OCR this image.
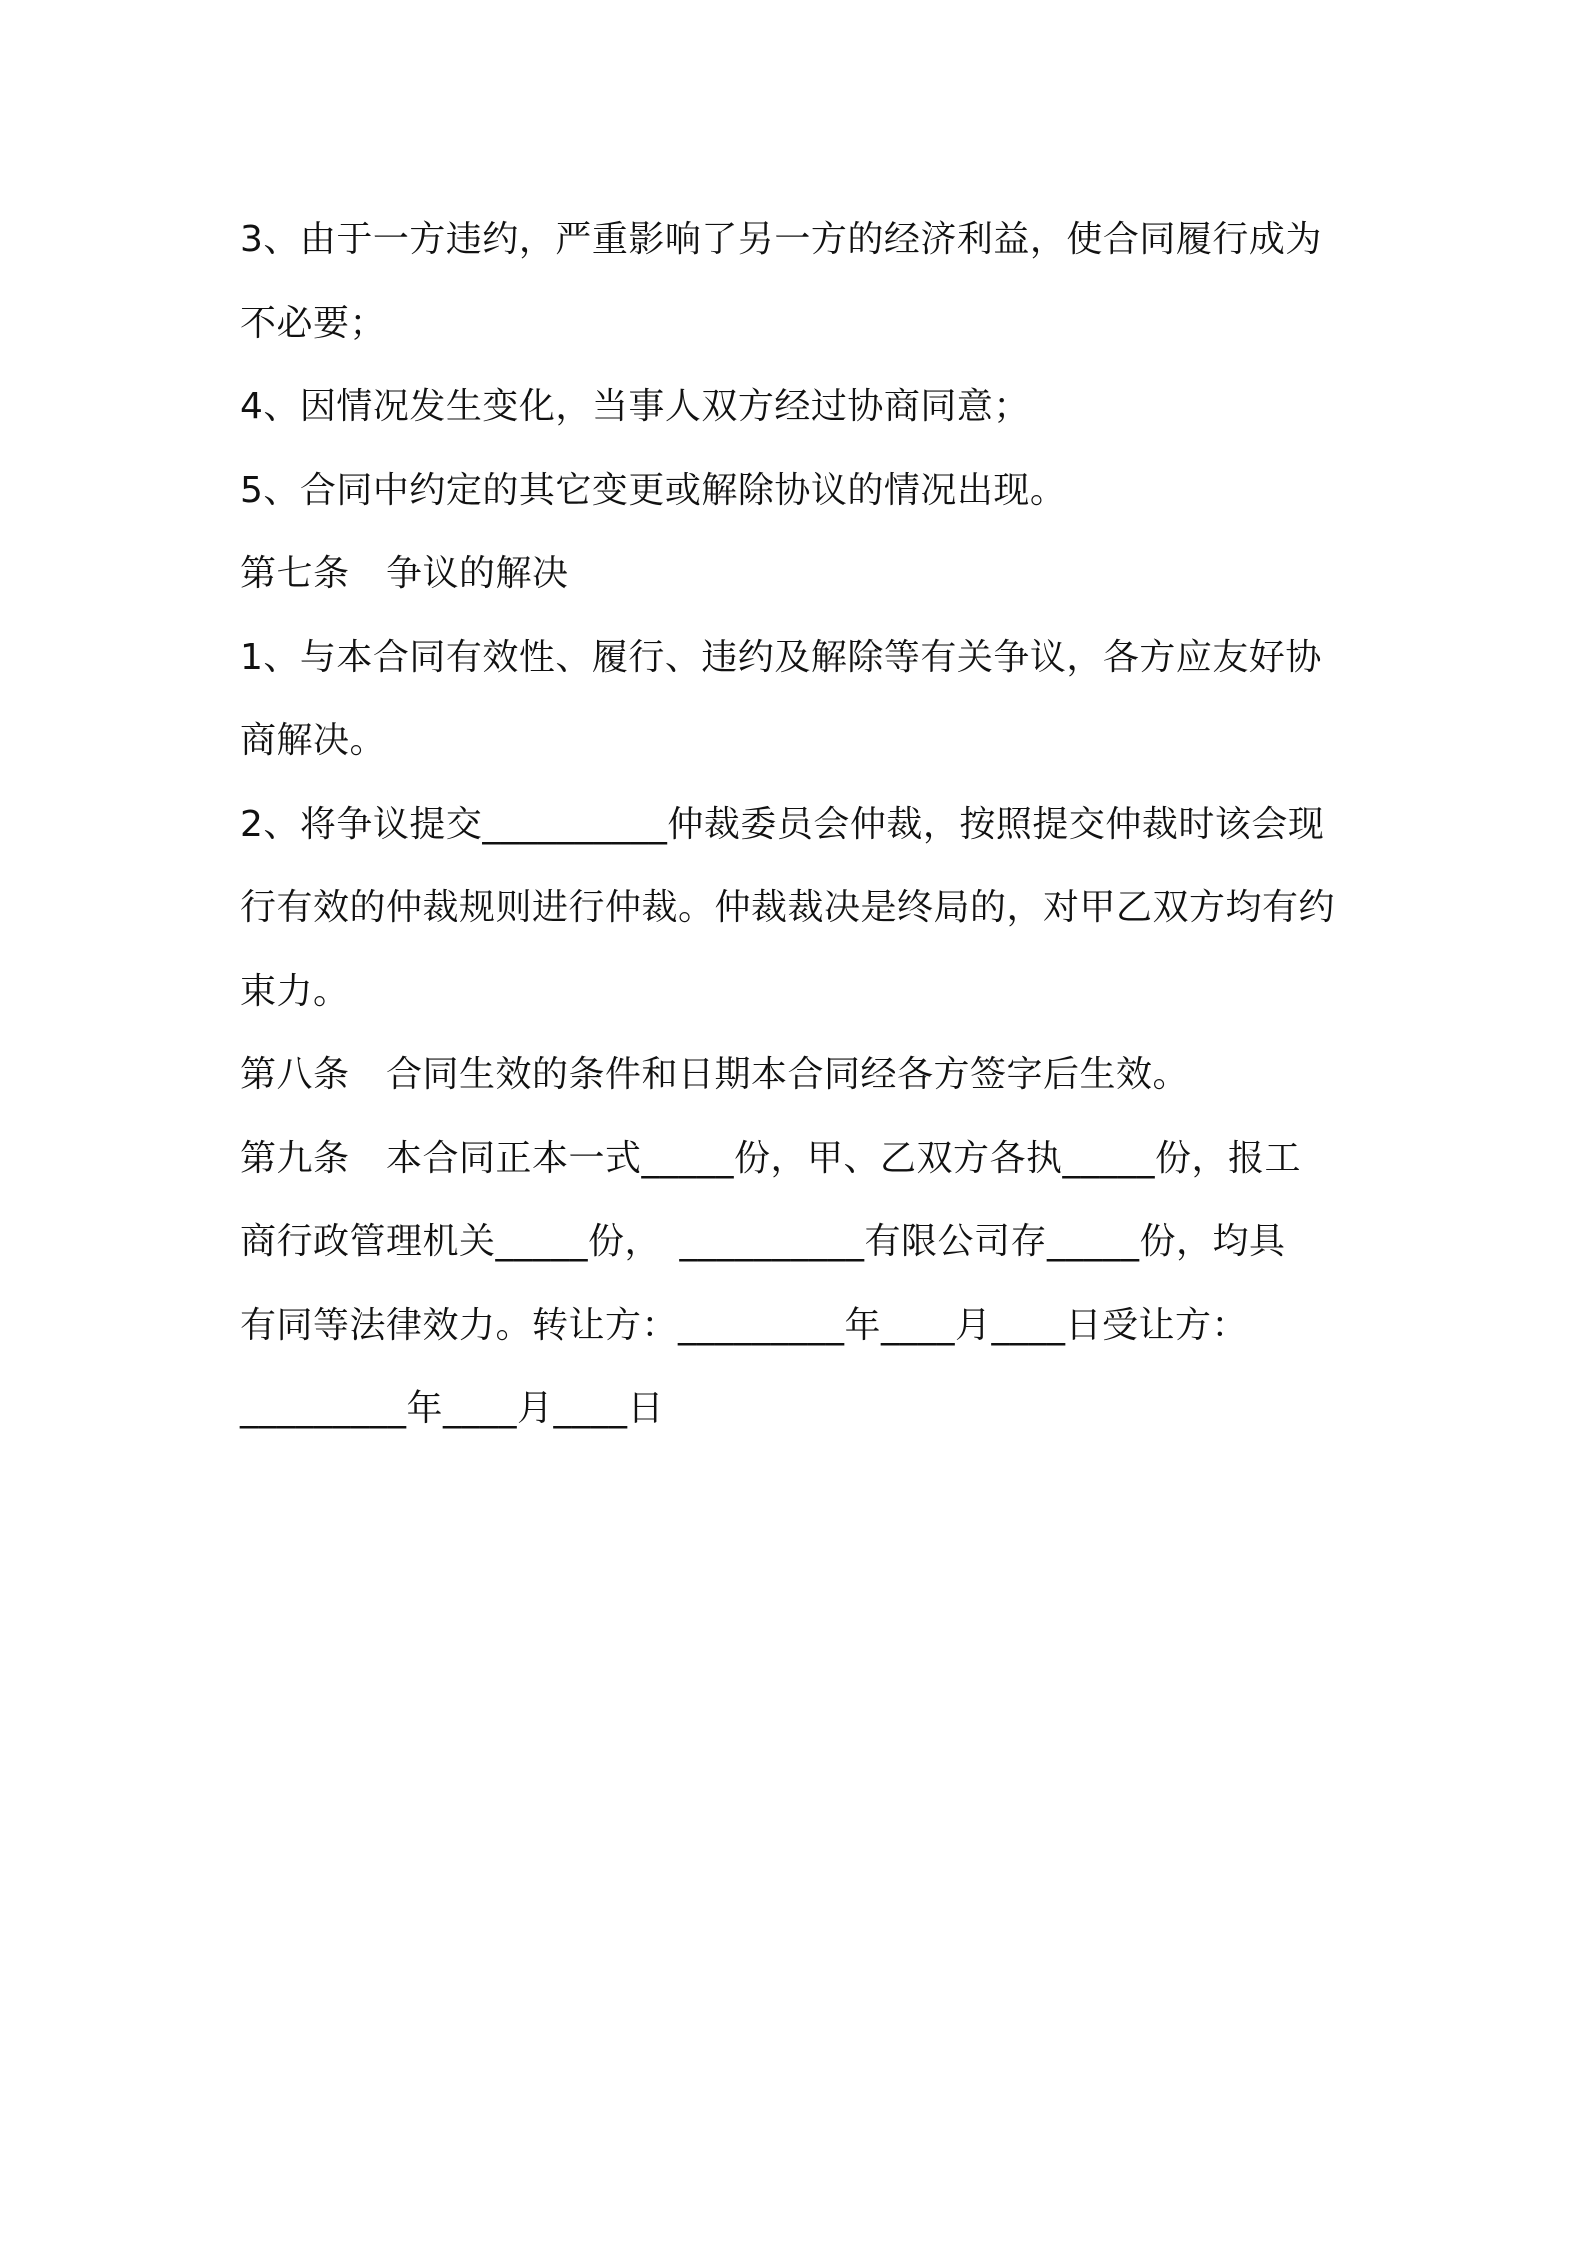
3、由于一方违约，严重影响了另一方的经济利益，使合同履行成为
不必要；
4、因情况发生变化，当事人双方经过协商同意；
5、合同中约定的其它变更或解除协议的情况出现。
第七条　争议的解决
1、与本合同有效性、履行、违约及解除等有关争议，各方应友好协
商解决。
2、将争议提交__________仲裁委员会仲裁，按照提交仲裁时该会现
行有效的仲裁规则进行仲裁。仲裁裁决是终局的，对甲乙双方均有约
束力。
第八条　合同生效的条件和日期本合同经各方签字后生效。
第九条　本合同正本一式_____份，甲、乙双方各执_____份，报工
商行政管理机关_____份，　__________有限公司存_____份，均具
有同等法律效力。转让方：_________年____月____日受让方：
_________年____月____日
